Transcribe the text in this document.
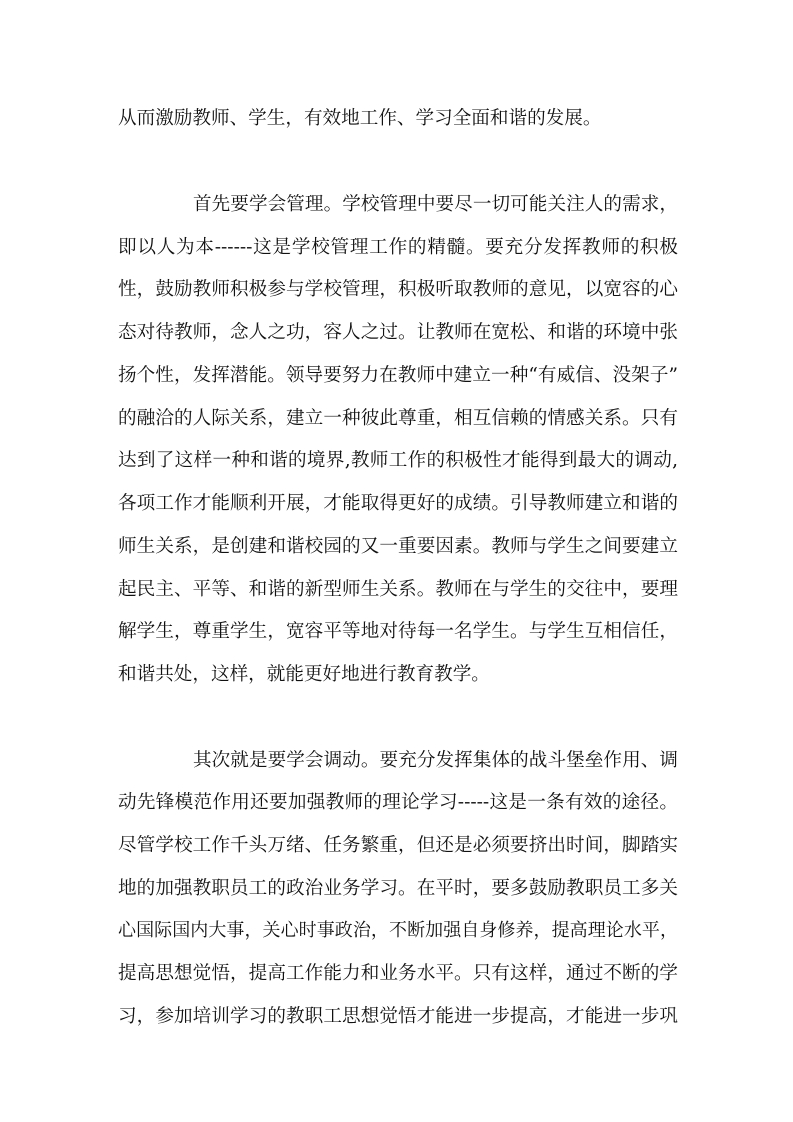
从而激励教师、学生，有效地工作、学习全面和谐的发展。
首先要学会管理。学校管理中要尽一切可能关注人的需求，
即以人为本------这是学校管理工作的精髓。要充分发挥教师的积极
性，鼓励教师积极参与学校管理，积极听取教师的意见，以宽容的心
态对待教师，念人之功，容人之过。让教师在宽松、和谐的环境中张
扬个性，发挥潜能。领导要努力在教师中建立一种“有威信、没架子”
的融洽的人际关系，建立一种彼此尊重，相互信赖的情感关系。只有
达到了这样一种和谐的境界,教师工作的积极性才能得到最大的调动,
各项工作才能顺利开展，才能取得更好的成绩。引导教师建立和谐的
师生关系，是创建和谐校园的又一重要因素。教师与学生之间要建立
起民主、平等、和谐的新型师生关系。教师在与学生的交往中，要理
解学生，尊重学生，宽容平等地对待每一名学生。与学生互相信任，
和谐共处，这样，就能更好地进行教育教学。
其次就是要学会调动。要充分发挥集体的战斗堡垒作用、调
动先锋模范作用还要加强教师的理论学习-----这是一条有效的途径。
尽管学校工作千头万绪、任务繁重，但还是必须要挤出时间，脚踏实
地的加强教职员工的政治业务学习。在平时，要多鼓励教职员工多关
心国际国内大事，关心时事政治，不断加强自身修养，提高理论水平，
提高思想觉悟，提高工作能力和业务水平。只有这样，通过不断的学
习，参加培训学习的教职工思想觉悟才能进一步提高，才能进一步巩
